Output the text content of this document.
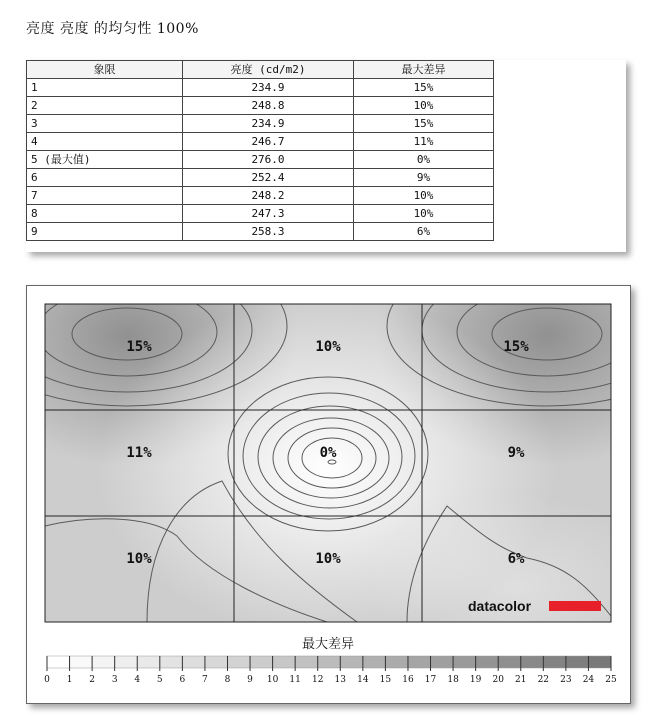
亮度 亮度 的均匀性 100%
象限	亮度 (cd/m2)	最大差异
1	234.9	15%
2	248.8	10%
3	234.9	15%
4	246.7	11%
5 (最大值)	276.0	0%
6	252.4	9%
7	248.2	10%
8	247.3	10%
9	258.3	6%
15%	10%	15%
11%	0%	9%
10%	10%	6%
datacolor
最大差异
0 1 2 3 4 5 6 7 8 9 10 11 12 13 14 15 16 17 18 19 20 21 22 23 24 25
